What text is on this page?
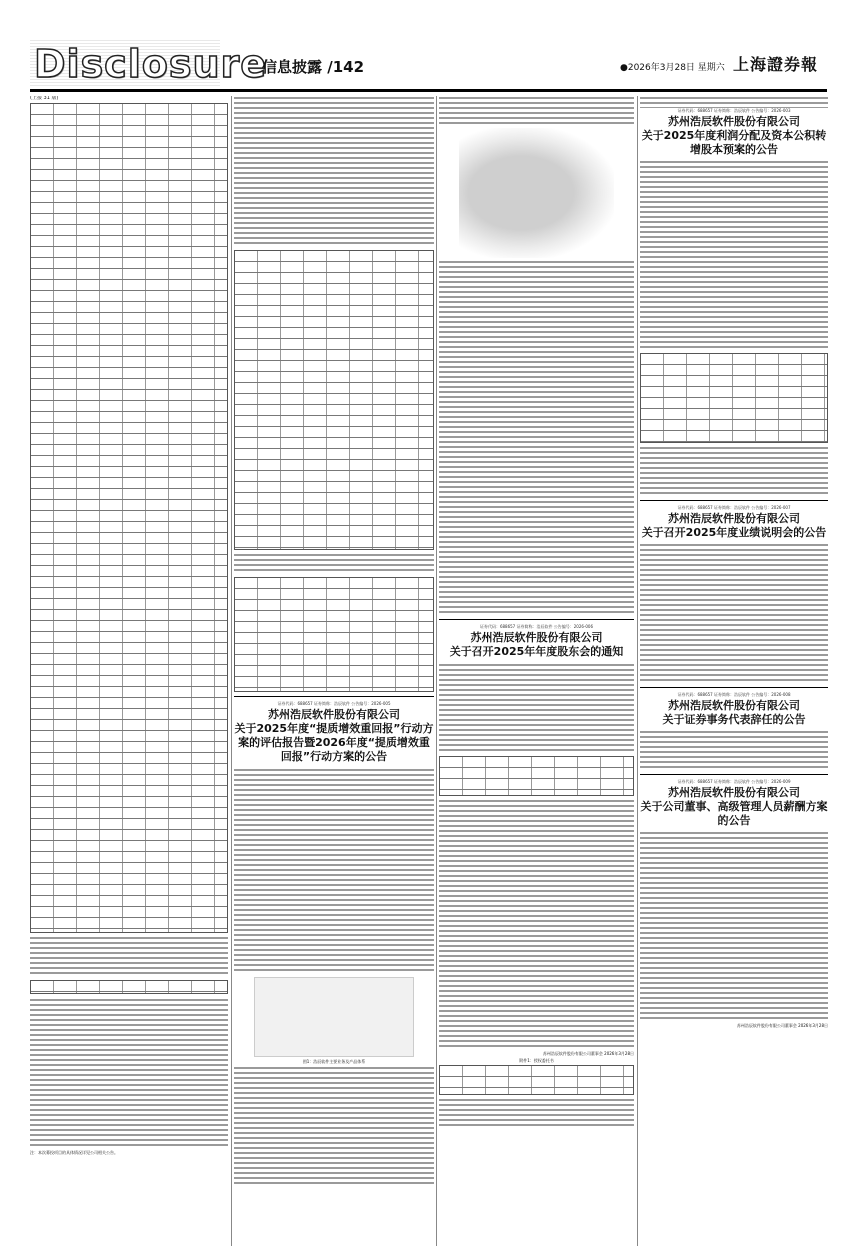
Disclosure
信息披露 /142	●2026年3月28日 星期六 上海證券報
(上接 31 版)
注：本次募投项目的具体情况详见公司相关公告。
证券代码：688657 证券简称：浩辰软件 公告编号：2026-005
苏州浩辰软件股份有限公司
关于2025年度“提质增效重回报”行动方案的评估报告暨2026年度“提质增效重回报”行动方案的公告
图1：浩辰软件主要业务及产品体系
证券代码：688657 证券简称：浩辰软件 公告编号：2026-006
苏州浩辰软件股份有限公司
关于召开2025年年度股东会的通知
苏州浩辰软件股份有限公司董事会 2026年3月28日
附件1：授权委托书
证券代码：688657 证券简称：浩辰软件 公告编号：2026-003
苏州浩辰软件股份有限公司
关于2025年度利润分配及资本公积转增股本预案的公告
证券代码：688657 证券简称：浩辰软件 公告编号：2026-007
苏州浩辰软件股份有限公司
关于召开2025年度业绩说明会的公告
证券代码：688657 证券简称：浩辰软件 公告编号：2026-008
苏州浩辰软件股份有限公司
关于证券事务代表辞任的公告
证券代码：688657 证券简称：浩辰软件 公告编号：2026-009
苏州浩辰软件股份有限公司
关于公司董事、高级管理人员薪酬方案的公告
苏州浩辰软件股份有限公司董事会 2026年3月28日
